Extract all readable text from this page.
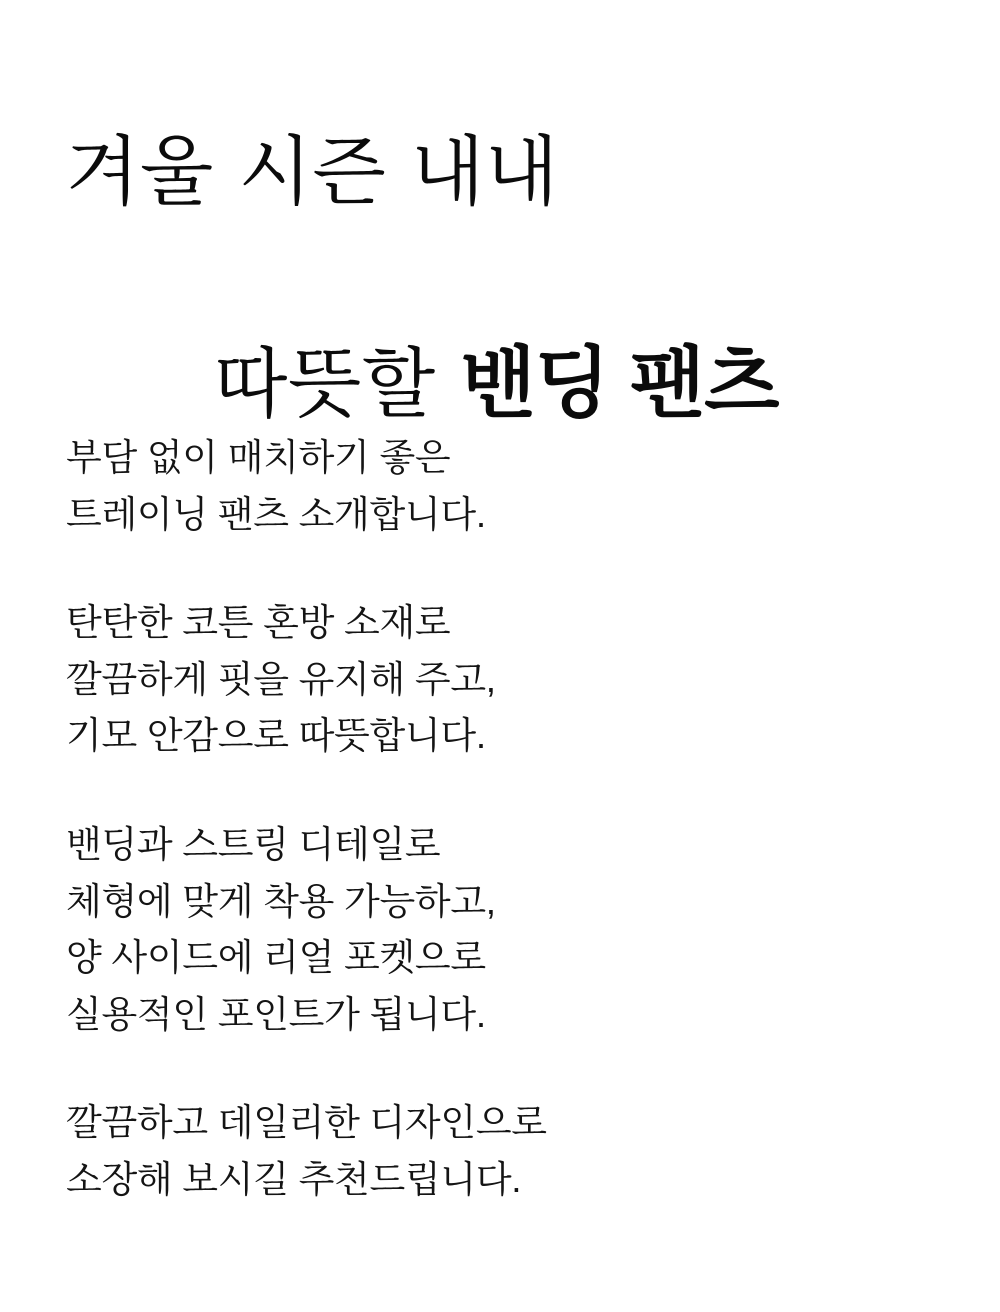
겨울 시즌 내내

따뜻할 밴딩 팬츠

부담 없이 매치하기 좋은
트레이닝 팬츠 소개합니다.
탄탄한 코튼 혼방 소재로
깔끔하게 핏을 유지해 주고,
기모 안감으로 따뜻합니다.
밴딩과 스트링 디테일로
체형에 맞게 착용 가능하고,
양 사이드에 리얼 포켓으로
실용적인 포인트가 됩니다.
깔끔하고 데일리한 디자인으로
소장해 보시길 추천드립니다.
